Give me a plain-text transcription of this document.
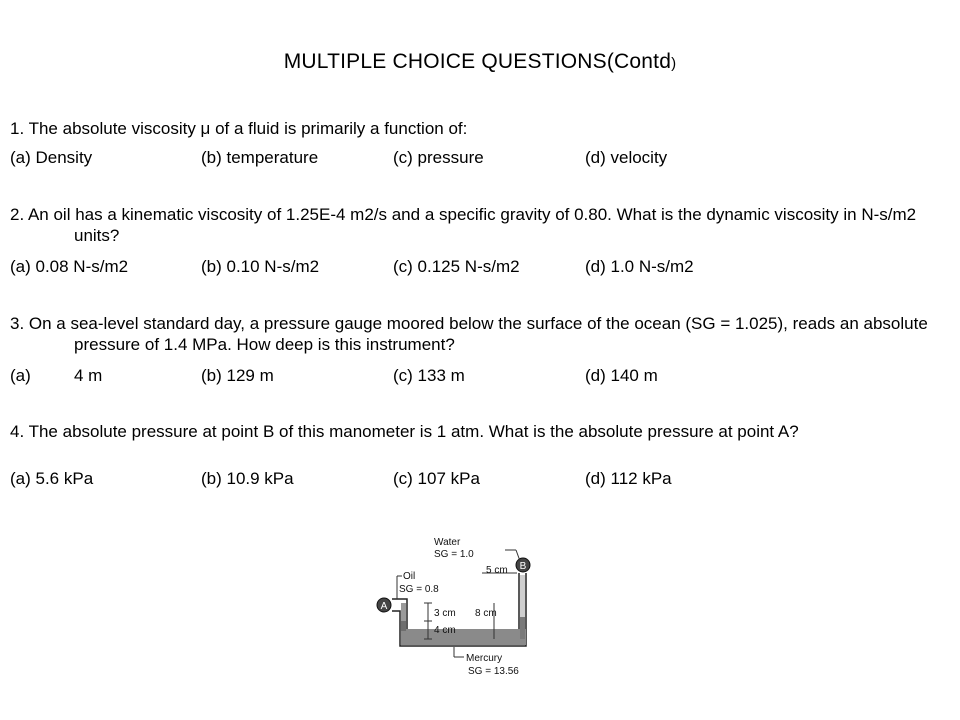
MULTIPLE CHOICE QUESTIONS(Contd)
1. The absolute viscosity μ of a fluid is primarily a function of:
(a) Density	(b) temperature	(c) pressure	(d) velocity
2. An oil has a kinematic viscosity of 1.25E-4 m2/s and a specific gravity of 0.80. What is the dynamic viscosity in N-s/m2 units?
(a) 0.08 N-s/m2	(b) 0.10 N-s/m2	(c) 0.125 N-s/m2	(d) 1.0 N-s/m2
3. On a sea-level standard day, a pressure gauge moored below the surface of the ocean (SG = 1.025), reads an absolute pressure of 1.4 MPa. How deep is this instrument?
(a)	4 m	(b) 129 m	(c) 133 m	(d) 140 m
4. The absolute pressure at point B of this manometer is 1 atm. What is the absolute pressure at point A?
(a) 5.6 kPa	(b) 10.9 kPa	(c) 107 kPa	(d) 112 kPa
A
B
Water
SG = 1.0
5 cm
Oil
SG = 0.8
3 cm 8 cm
4 cm
Mercury
SG = 13.56
